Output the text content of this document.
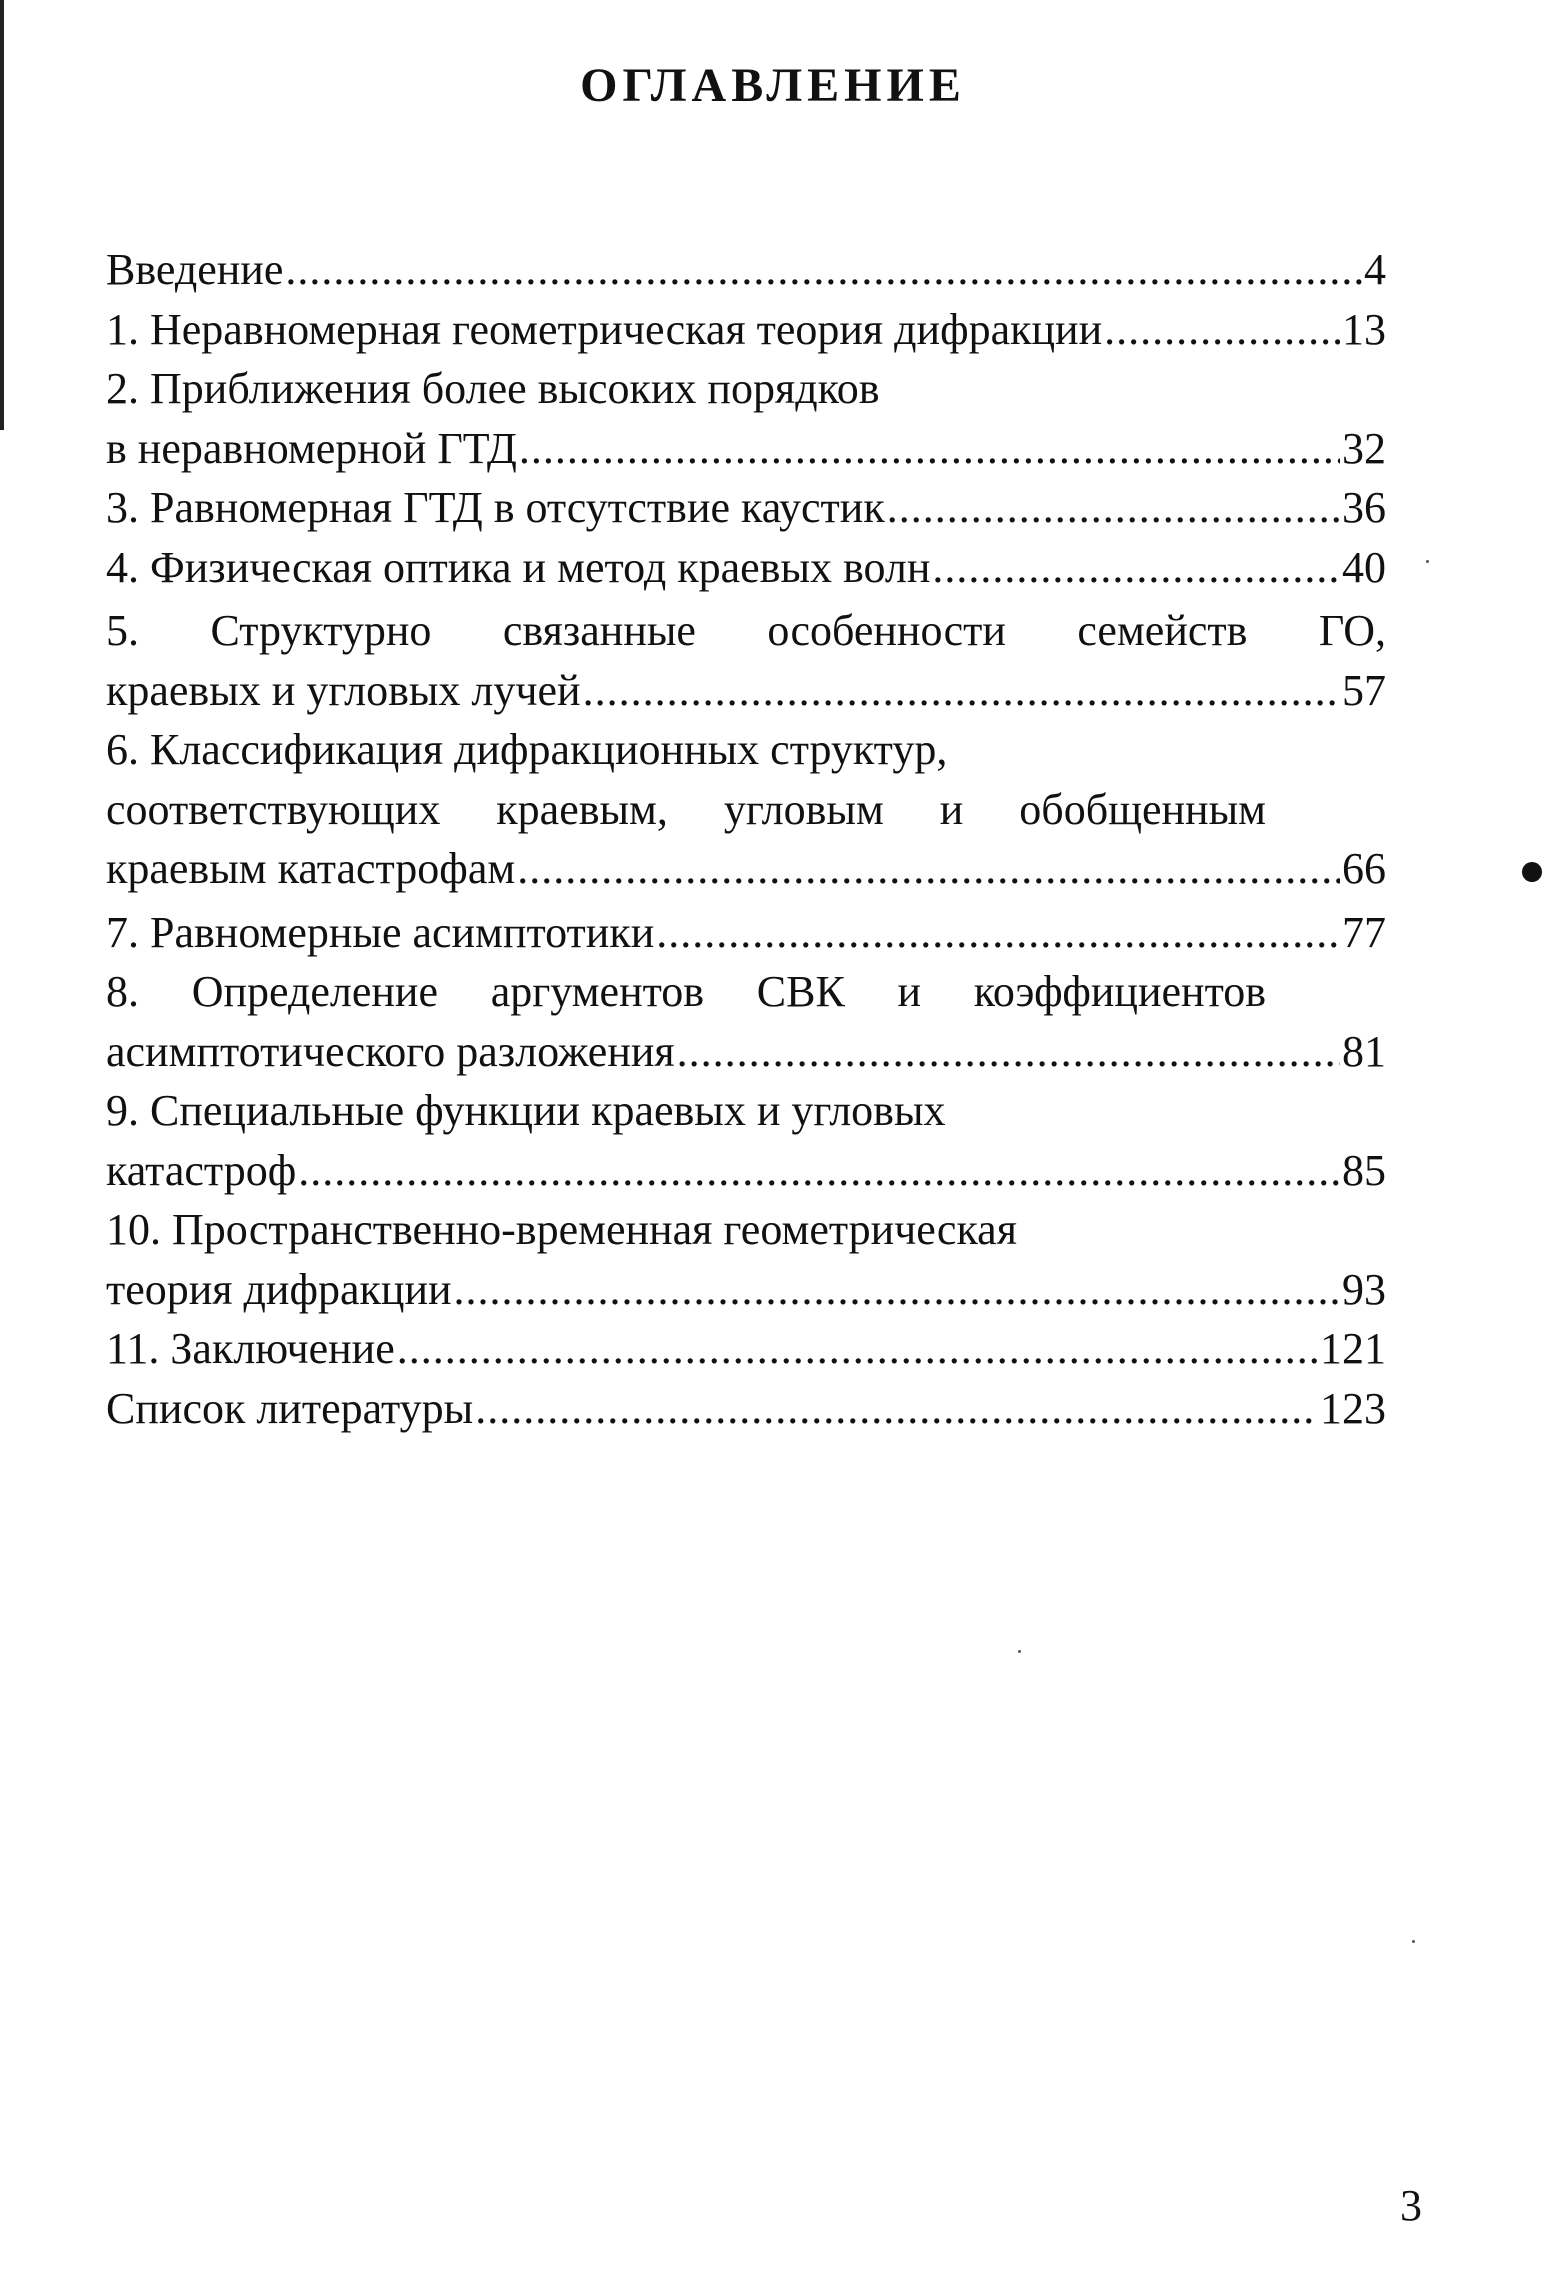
ОГЛАВЛЕНИЕ
Введение .....	4
1. Неравномерная геометрическая теория дифракции .....	13
2. Приближения более высоких порядков
в неравномерной ГТД .....	32
3. Равномерная ГТД в отсутствие каустик .....	36
4. Физическая оптика и метод краевых волн .....	40
5. Структурно связанные особенности семейств ГО,
краевых и угловых лучей .....	57
6. Классификация дифракционных структур,
соответствующих краевым, угловым и обобщенным
краевым катастрофам .....	66
7. Равномерные асимптотики .....	77
8. Определение аргументов СВК и коэффициентов
асимптотического разложения .....	81
9. Специальные функции краевых и угловых
катастроф .....	85
10. Пространственно-временная геометрическая
теория дифракции .....	93
11. Заключение .....	121
Список литературы .....	123
3
